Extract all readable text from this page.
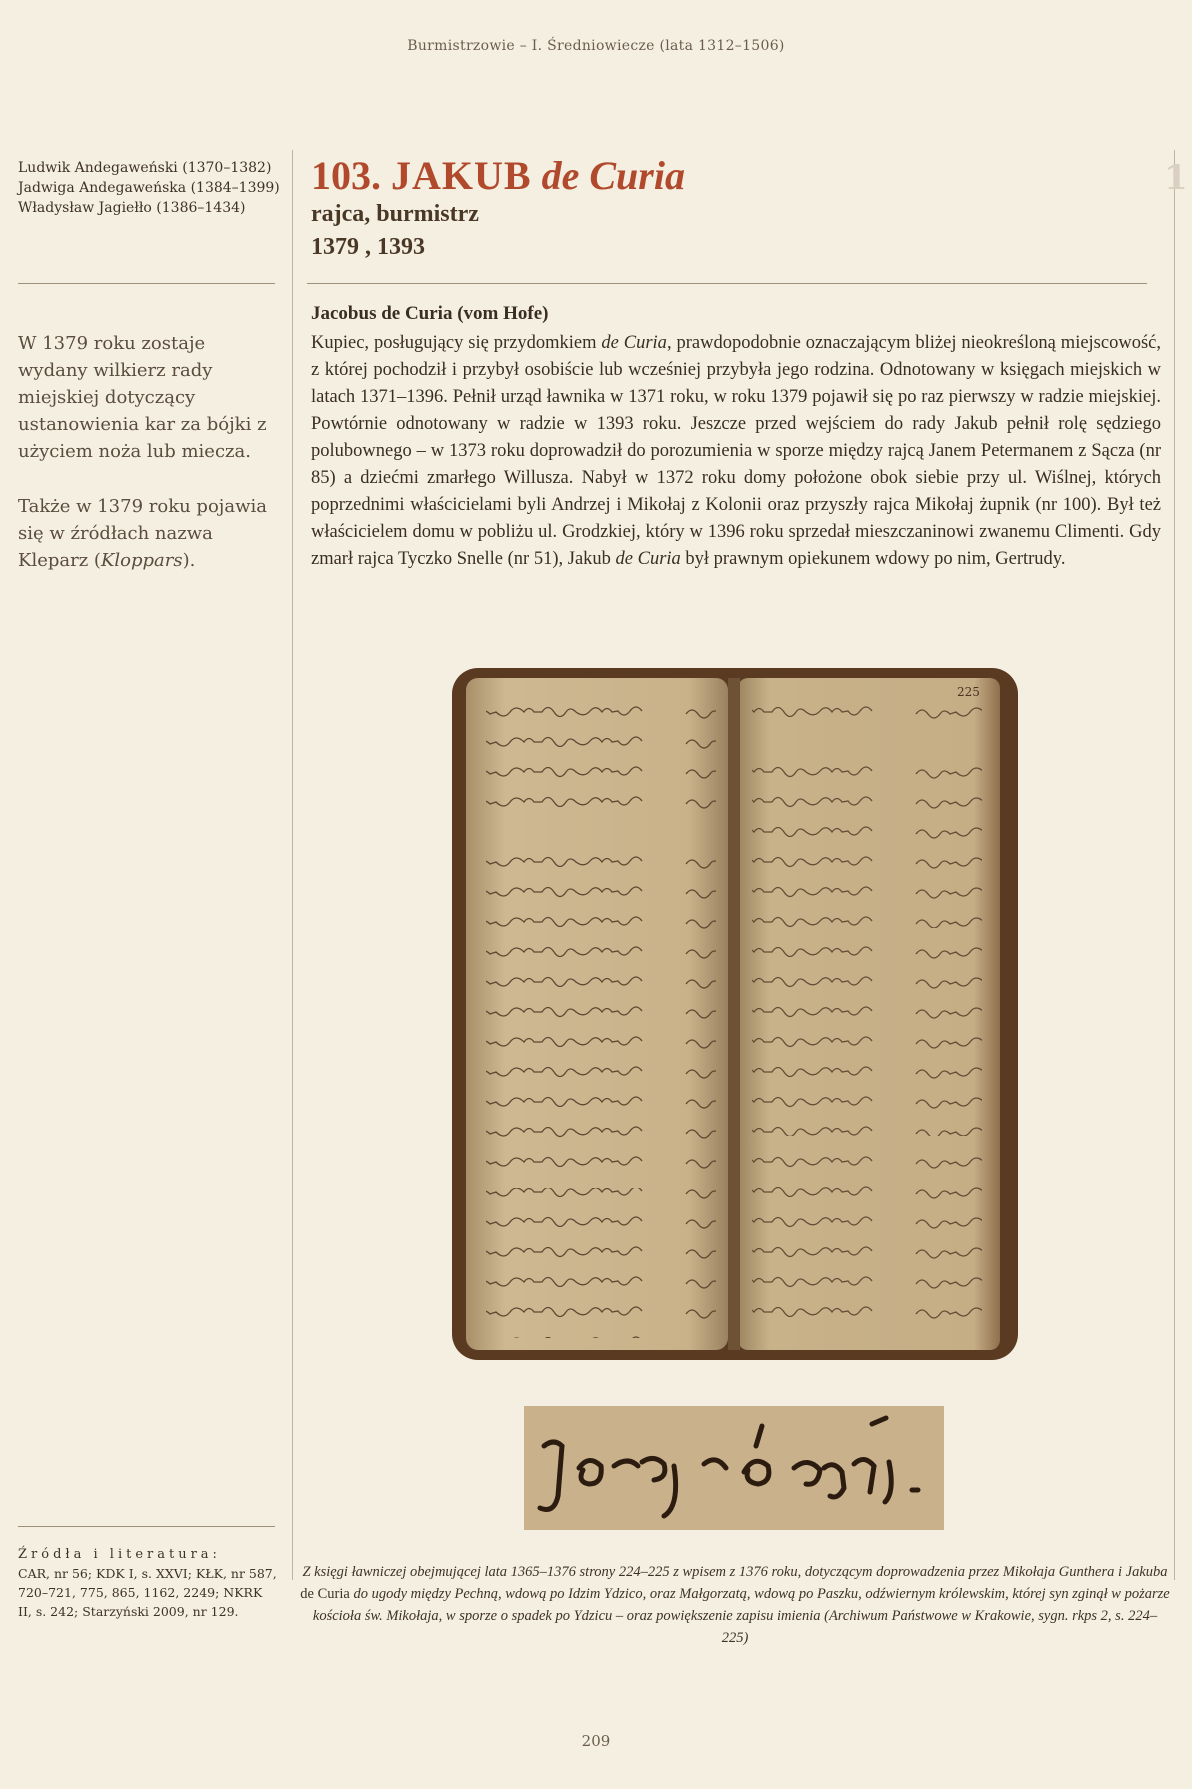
Burmistrzowie – I. Średniowiecze (lata 1312–1506)
1
Ludwik Andegaweński (1370–1382)
Jadwiga Andegaweńska (1384–1399)
Władysław Jagiełło (1386–1434)
W 1379 roku zostaje wydany wilkierz rady miejskiej dotyczący ustanowienia kar za bójki z użyciem noża lub miecza.
Także w 1379 roku pojawia się w źródłach nazwa Kleparz (Kloppars).
Źródła i literatura:
CAR, nr 56; KDK I, s. XXVI; KŁK, nr 587, 720–721, 775, 865, 1162, 2249; NKRK II, s. 242; Starzyński 2009, nr 129.
103. JAKUB de Curia
rajca, burmistrz
1379 , 1393
Jacobus de Curia (vom Hofe)

Kupiec, posługujący się przydomkiem de Curia, prawdopodobnie oznaczającym bliżej nieokreśloną miejscowość, z której pochodził i przybył osobiście lub wcześniej przybyła jego rodzina. Odnotowany w księgach miejskich w latach 1371–1396. Pełnił urząd ławnika w 1371 roku, w roku 1379 pojawił się po raz pierwszy w radzie miejskiej. Powtórnie odnotowany w radzie w 1393 roku. Jeszcze przed wejściem do rady Jakub pełnił rolę sędziego polubownego – w 1373 roku doprowadził do porozumienia w sporze między rajcą Janem Petermanem z Sącza (nr 85) a dziećmi zmarłego Willusza. Nabył w 1372 roku domy położone obok siebie przy ul. Wiślnej, których poprzednimi właścicielami byli Andrzej i Mikołaj z Kolonii oraz przyszły rajca Mikołaj żupnik (nr 100). Był też właścicielem domu w pobliżu ul. Grodzkiej, który w 1396 roku sprzedał mieszczaninowi zwanemu Climenti. Gdy zmarł rajca Tyczko Snelle (nr 51), Jakub de Curia był prawnym opiekunem wdowy po nim, Gertrudy.

225
Z księgi ławniczej obejmującej lata 1365–1376 strony 224–225 z wpisem z 1376 roku, dotyczącym doprowadzenia przez Mikołaja Gunthera i Jakuba de Curia do ugody między Pechną, wdową po Idzim Ydzico, oraz Małgorzatą, wdową po Paszku, odźwiernym królewskim, której syn zginął w pożarze kościoła św. Mikołaja, w sporze o spadek po Ydzicu – oraz powiększenie zapisu imienia (Archiwum Państwowe w Krakowie, sygn. rkps 2, s. 224–225)
209
